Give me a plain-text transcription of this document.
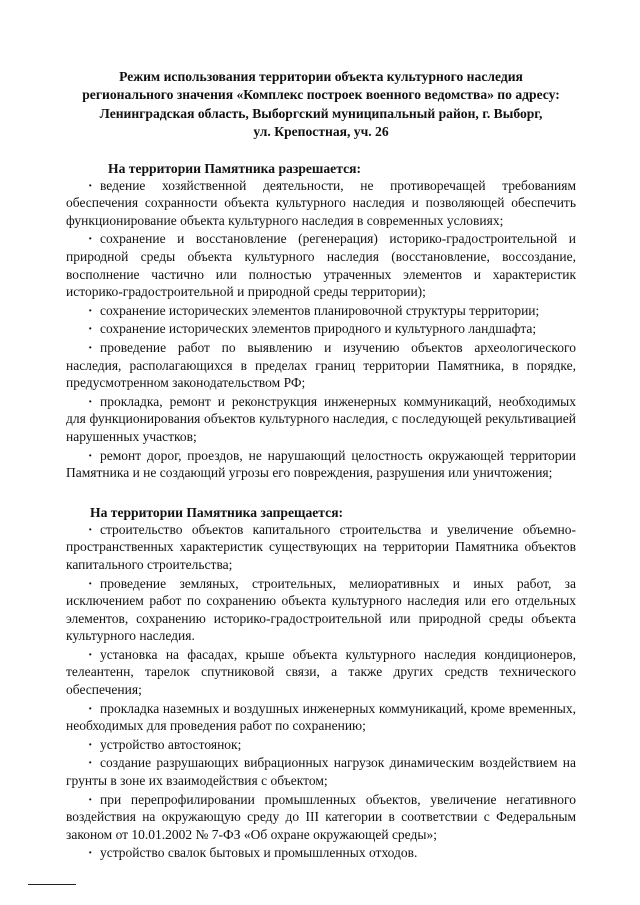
Режим использования территории объекта культурного наследия
регионального значения «Комплекс построек военного ведомства» по адресу:
Ленинградская область, Выборгский муниципальный район, г. Выборг,
ул. Крепостная, уч. 26

На территории Памятника разрешается:

· ведение хозяйственной деятельности, не противоречащей требованиям обеспечения сохранности объекта культурного наследия и позволяющей обеспечить функционирование объекта культурного наследия в современных условиях;

· сохранение и восстановление (регенерация) историко-градостроительной и природной среды объекта культурного наследия (восстановление, воссоздание, восполнение частично или полностью утраченных элементов и характеристик историко-градостроительной и природной среды территории);

· сохранение исторических элементов планировочной структуры территории;

· сохранение исторических элементов природного и культурного ландшафта;

· проведение работ по выявлению и изучению объектов археологического наследия, располагающихся в пределах границ территории Памятника, в порядке, предусмотренном законодательством РФ;

· прокладка, ремонт и реконструкция инженерных коммуникаций, необходимых для функционирования объектов культурного наследия, с последующей рекультивацией нарушенных участков;

· ремонт дорог, проездов, не нарушающий целостность окружающей территории Памятника и не создающий угрозы его повреждения, разрушения или уничтожения;

На территории Памятника запрещается:

· строительство объектов капитального строительства и увеличение объемно-пространственных характеристик существующих на территории Памятника объектов капитального строительства;

· проведение земляных, строительных, мелиоративных и иных работ, за исключением работ по сохранению объекта культурного наследия или его отдельных элементов, сохранению историко-градостроительной или природной среды объекта культурного наследия.

· установка на фасадах, крыше объекта культурного наследия кондиционеров, телеантенн, тарелок спутниковой связи, а также других средств технического обеспечения;

· прокладка наземных и воздушных инженерных коммуникаций, кроме временных, необходимых для проведения работ по сохранению;

· устройство автостоянок;

· создание разрушающих вибрационных нагрузок динамическим воздействием на грунты в зоне их взаимодействия с объектом;

· при перепрофилировании промышленных объектов, увеличение негативного воздействия на окружающую среду до III категории в соответствии с Федеральным законом от 10.01.2002 № 7-ФЗ «Об охране окружающей среды»;

· устройство свалок бытовых и промышленных отходов.
